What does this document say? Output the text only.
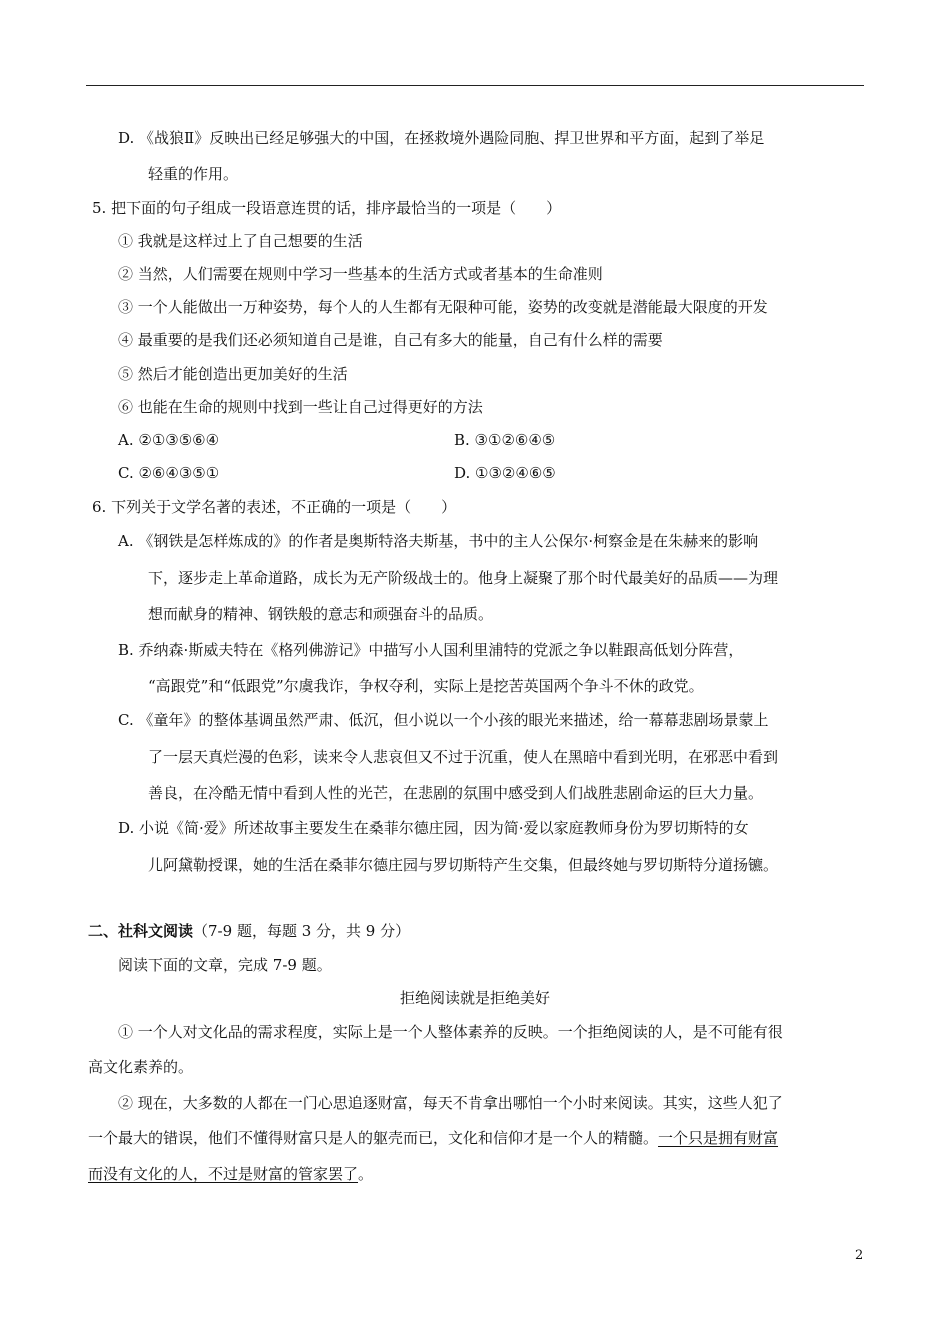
D. 《战狼Ⅱ》反映出已经足够强大的中国，在拯救境外遇险同胞、捍卫世界和平方面，起到了举足
轻重的作用。
5. 把下面的句子组成一段语意连贯的话，排序最恰当的一项是（　　）
① 我就是这样过上了自己想要的生活
② 当然，人们需要在规则中学习一些基本的生活方式或者基本的生命准则
③ 一个人能做出一万种姿势，每个人的人生都有无限种可能，姿势的改变就是潜能最大限度的开发
④ 最重要的是我们还必须知道自己是谁，自己有多大的能量，自己有什么样的需要
⑤ 然后才能创造出更加美好的生活
⑥ 也能在生命的规则中找到一些让自己过得更好的方法
A. ②①③⑤⑥④	B. ③①②⑥④⑤
C. ②⑥④③⑤①	D. ①③②④⑥⑤
6. 下列关于文学名著的表述，不正确的一项是（　　）
A. 《钢铁是怎样炼成的》的作者是奥斯特洛夫斯基，书中的主人公保尔·柯察金是在朱赫来的影响
下，逐步走上革命道路，成长为无产阶级战士的。他身上凝聚了那个时代最美好的品质——为理
想而献身的精神、钢铁般的意志和顽强奋斗的品质。
B. 乔纳森·斯威夫特在《格列佛游记》中描写小人国利里浦特的党派之争以鞋跟高低划分阵营，
“高跟党”和“低跟党”尔虞我诈，争权夺利，实际上是挖苦英国两个争斗不休的政党。
C. 《童年》的整体基调虽然严肃、低沉，但小说以一个小孩的眼光来描述，给一幕幕悲剧场景蒙上
了一层天真烂漫的色彩，读来令人悲哀但又不过于沉重，使人在黑暗中看到光明，在邪恶中看到
善良，在冷酷无情中看到人性的光芒，在悲剧的氛围中感受到人们战胜悲剧命运的巨大力量。
D. 小说《简·爱》所述故事主要发生在桑菲尔德庄园，因为简·爱以家庭教师身份为罗切斯特的女
儿阿黛勒授课，她的生活在桑菲尔德庄园与罗切斯特产生交集，但最终她与罗切斯特分道扬镳。
二、社科文阅读（7-9 题，每题 3 分，共 9 分）
阅读下面的文章，完成 7-9 题。
拒绝阅读就是拒绝美好
① 一个人对文化品的需求程度，实际上是一个人整体素养的反映。一个拒绝阅读的人，是不可能有很
高文化素养的。
② 现在，大多数的人都在一门心思追逐财富，每天不肯拿出哪怕一个小时来阅读。其实，这些人犯了
一个最大的错误，他们不懂得财富只是人的躯壳而已，文化和信仰才是一个人的精髓。一个只是拥有财富
而没有文化的人，不过是财富的管家罢了。
2
